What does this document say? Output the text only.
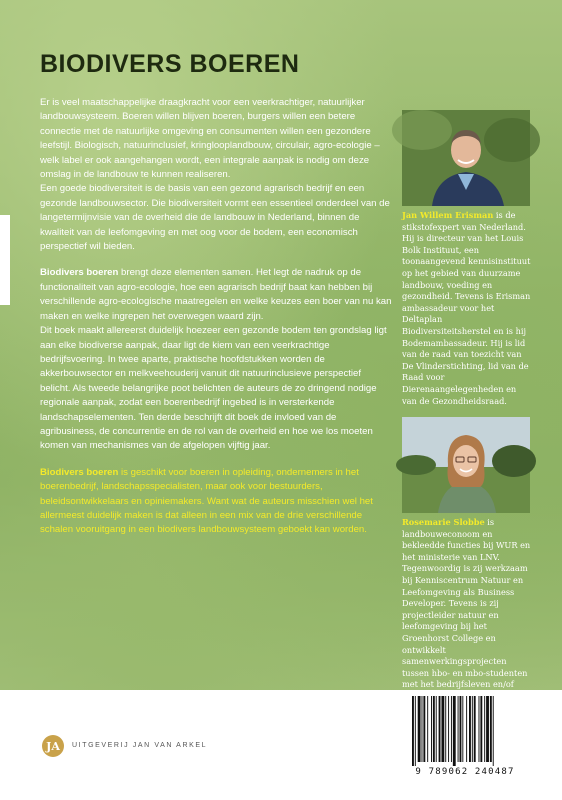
BIODIVERS BOEREN

Er is veel maatschappelijke draagkracht voor een veerkrachtiger, natuurlijker landbouwsysteem. Boeren willen blijven boeren, burgers willen een betere connectie met de natuurlijke omgeving en consumenten willen een gezondere leefstijl. Biologisch, natuurinclusief, kringlooplandbouw, circulair, agro-ecologie – welk label er ook aangehangen wordt, een integrale aanpak is nodig om deze omslag in de landbouw te kunnen realiseren.

Een goede biodiversiteit is de basis van een gezond agrarisch bedrijf en een gezonde landbouwsector. Die biodiversiteit vormt een essentieel onderdeel van de langetermijnvisie van de overheid die de landbouw in Nederland, binnen de kwaliteit van de leefomgeving en met oog voor de bodem, een economisch perspectief wil bieden.

Biodivers boeren brengt deze elementen samen. Het legt de nadruk op de functionaliteit van agro-ecologie, hoe een agrarisch bedrijf baat kan hebben bij verschillende agro-ecologische maatregelen en welke keuzes een boer van nu kan maken en welke ingrepen het overwegen waard zijn.

Dit boek maakt allereerst duidelijk hoezeer een gezonde bodem ten grondslag ligt aan elke biodiverse aanpak, daar ligt de kiem van een veerkrachtige bedrijfsvoering. In twee aparte, praktische hoofdstukken worden de akkerbouwsector en melkveehouderij vanuit dit natuurinclusieve perspectief belicht. Als tweede belangrijke poot belichten de auteurs de zo dringend nodige regionale aanpak, zodat een boerenbedrijf ingebed is in versterkende landschapselementen. Ten derde beschrijft dit boek de invloed van de agribusiness, de concurrentie en de rol van de overheid en hoe we los moeten komen van mechanismes van de afgelopen vijftig jaar.

Biodivers boeren is geschikt voor boeren in opleiding, ondernemers in het boerenbedrijf, landschapsspecialisten, maar ook voor bestuurders, beleidsontwikkelaars en opiniemakers. Want wat de auteurs misschien wel het allermeest duidelijk maken is dat alleen in een mix van de drie verschillende schalen vooruitgang in een biodivers landbouwsysteem geboekt kan worden.

Jan Willem Erisman is de stikstofexpert van Nederland. Hij is directeur van het Louis Bolk Instituut, een toonaangevend kennisinstituut op het gebied van duurzame landbouw, voeding en gezondheid. Tevens is Erisman ambassadeur voor het Deltaplan Biodiversiteitsherstel en is hij Bodemambassadeur. Hij is lid van de raad van toezicht van De Vlinderstichting, lid van de Raad voor Dierenaangelegenheden en van de Gezondheidsraad.

Rosemarie Slobbe is landbouweconoom en bekleedde functies bij WUR en het ministerie van LNV. Tegenwoordig is zij werkzaam bij Kenniscentrum Natuur en Leefomgeving als Business Developer. Tevens is zij projectleider natuur en leefomgeving bij het Groenhorst College en ontwikkelt samenwerkingsprojecten tussen hbo- en mbo-studenten met het bedrijfsleven en/of

JA	UITGEVERIJ JAN VAN ARKEL
9 789062 240487
